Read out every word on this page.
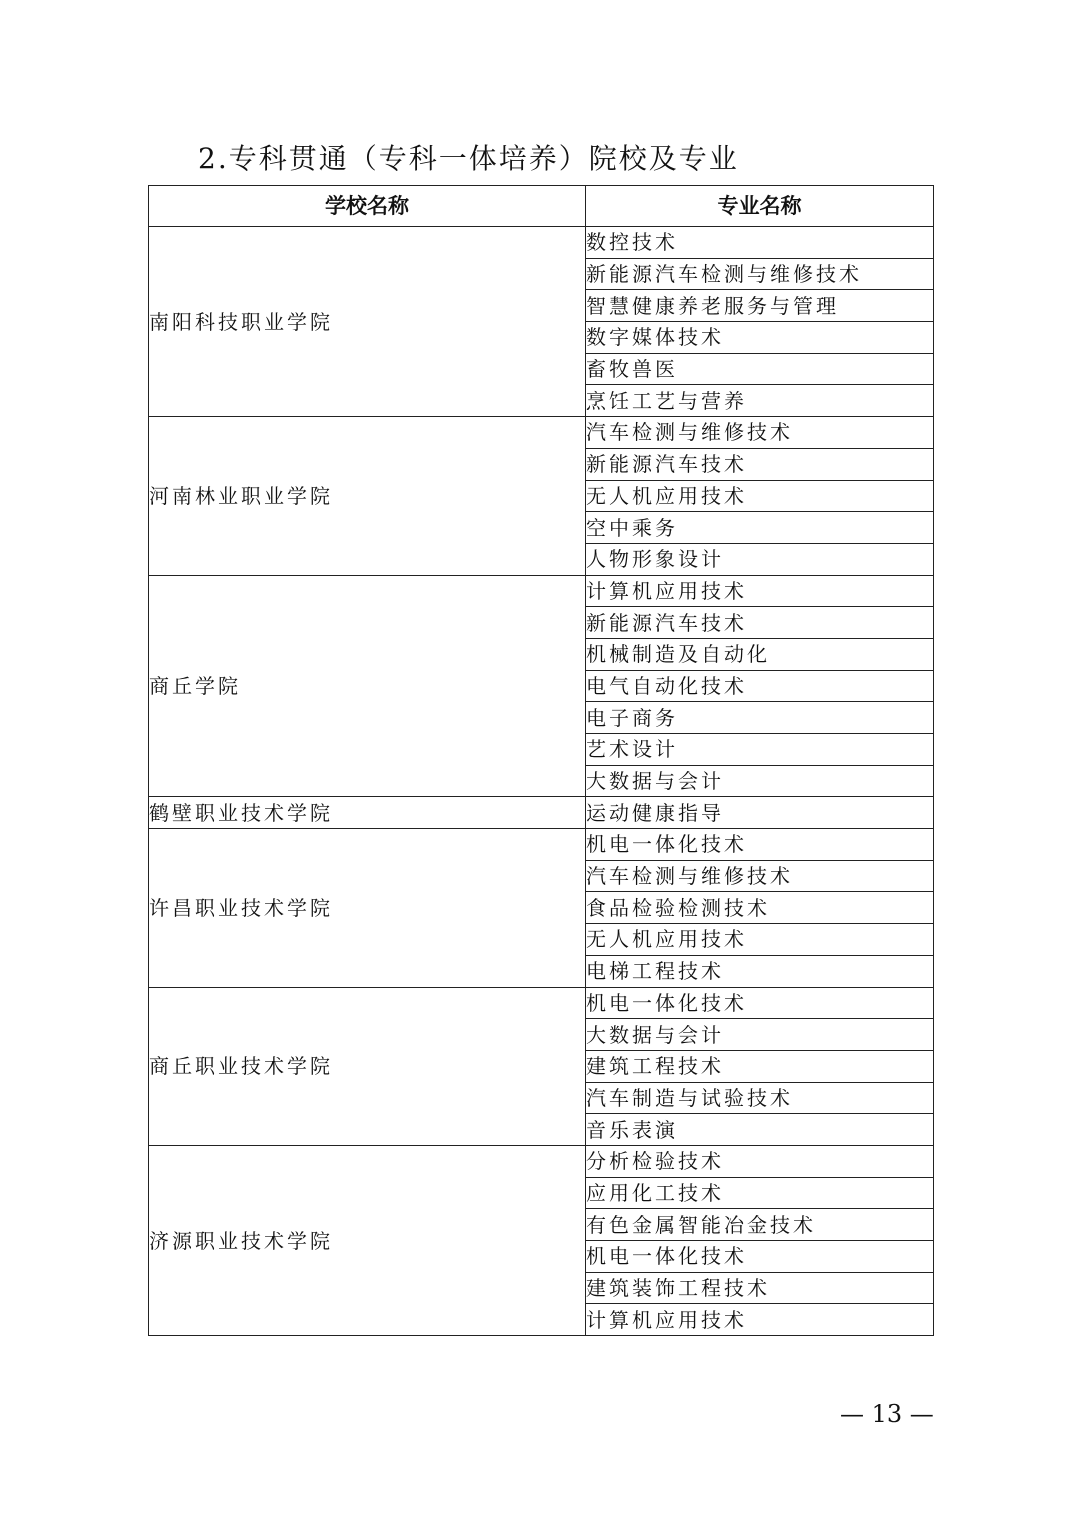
2.专科贯通（专科一体培养）院校及专业
学校名称	专业名称
南阳科技职业学院	数控技术
	新能源汽车检测与维修技术
	智慧健康养老服务与管理
	数字媒体技术
	畜牧兽医
	烹饪工艺与营养
河南林业职业学院	汽车检测与维修技术
	新能源汽车技术
	无人机应用技术
	空中乘务
	人物形象设计
商丘学院	计算机应用技术
	新能源汽车技术
	机械制造及自动化
	电气自动化技术
	电子商务
	艺术设计
	大数据与会计
鹤壁职业技术学院	运动健康指导
许昌职业技术学院	机电一体化技术
	汽车检测与维修技术
	食品检验检测技术
	无人机应用技术
	电梯工程技术
商丘职业技术学院	机电一体化技术
	大数据与会计
	建筑工程技术
	汽车制造与试验技术
	音乐表演
济源职业技术学院	分析检验技术
	应用化工技术
	有色金属智能冶金技术
	机电一体化技术
	建筑装饰工程技术
	计算机应用技术
— 13 —
